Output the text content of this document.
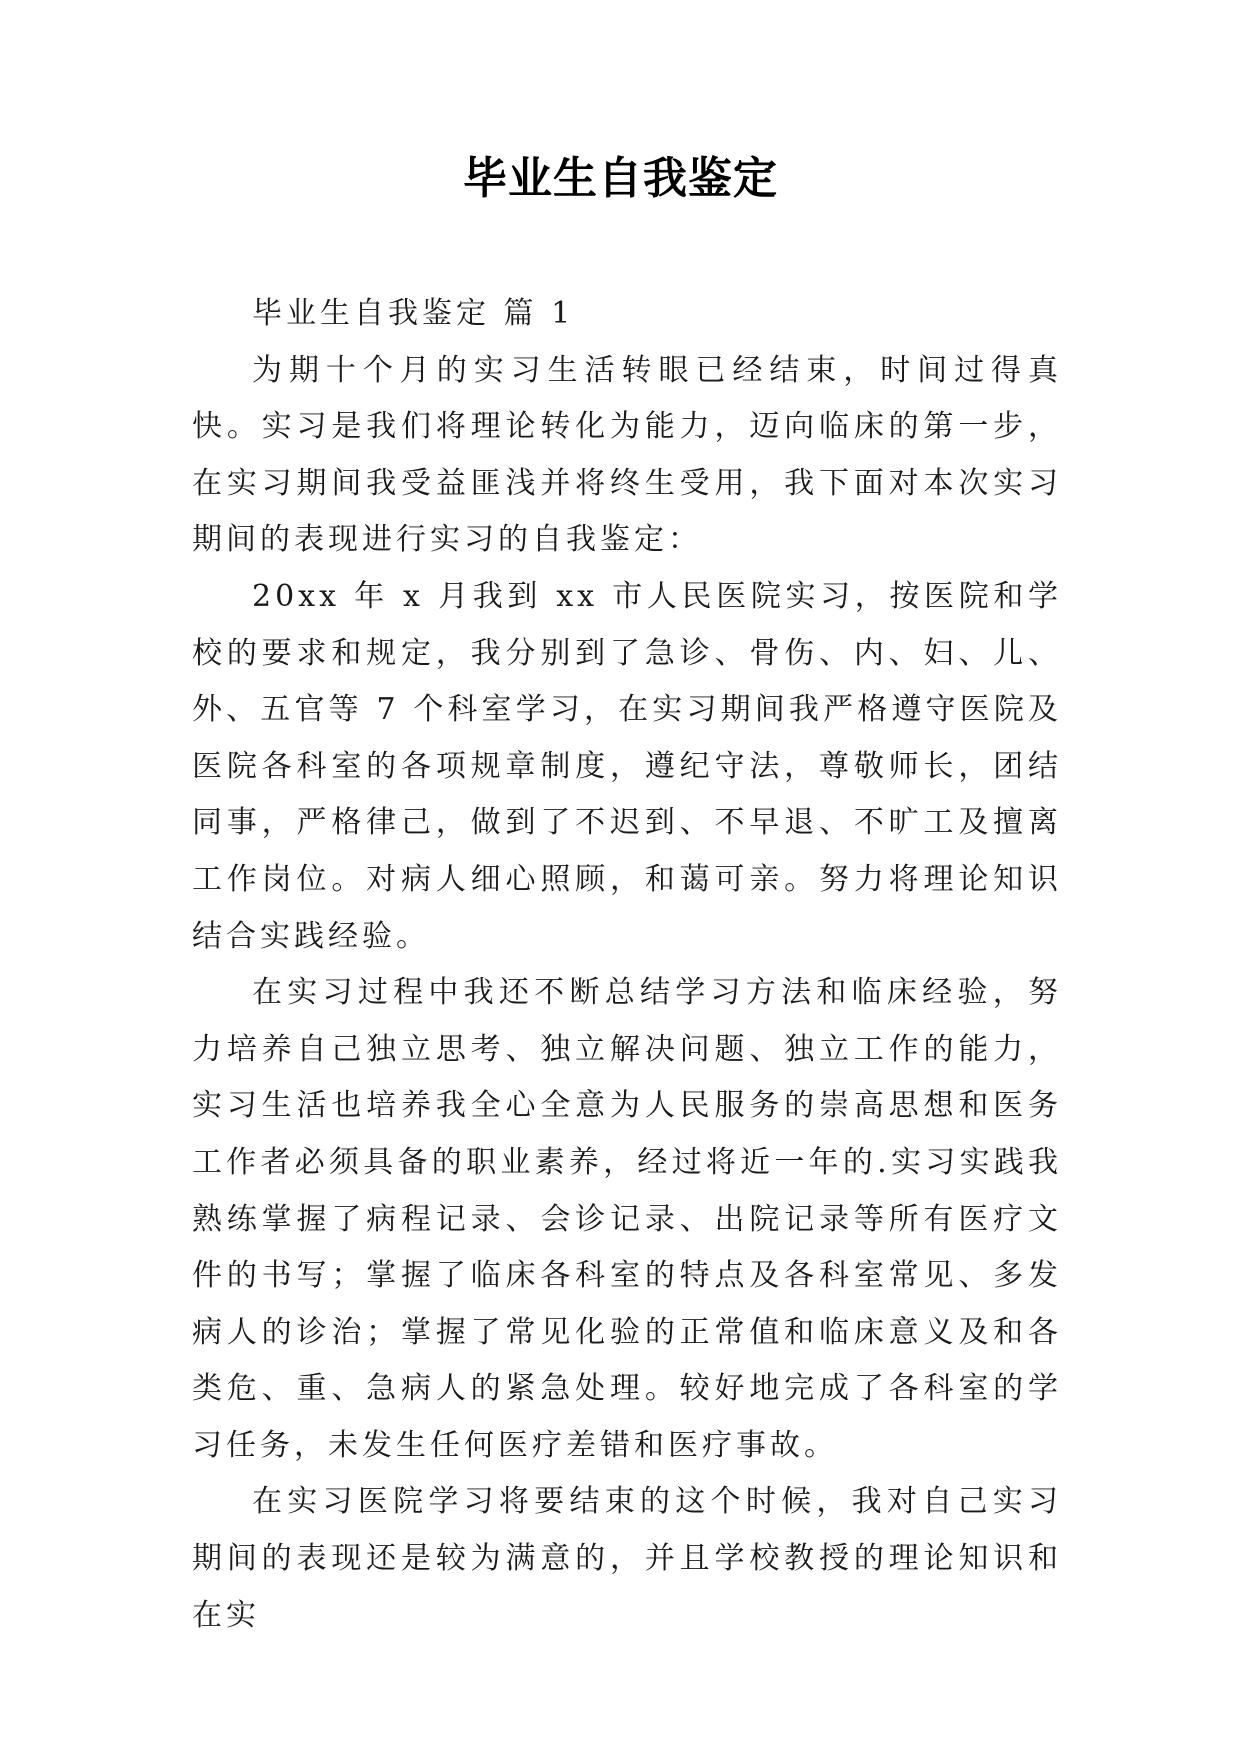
毕业生自我鉴定
毕业生自我鉴定 篇 1

为期十个月的实习生活转眼已经结束，时间过得真快。实习是我们将理论转化为能力，迈向临床的第一步，在实习期间我受益匪浅并将终生受用，我下面对本次实习期间的表现进行实习的自我鉴定：

20xx 年 x 月我到 xx 市人民医院实习，按医院和学校的要求和规定，我分别到了急诊、骨伤、内、妇、儿、外、五官等 7 个科室学习，在实习期间我严格遵守医院及医院各科室的各项规章制度，遵纪守法，尊敬师长，团结同事，严格律己，做到了不迟到、不早退、不旷工及擅离工作岗位。对病人细心照顾，和蔼可亲。努力将理论知识结合实践经验。

在实习过程中我还不断总结学习方法和临床经验，努力培养自己独立思考、独立解决问题、独立工作的能力，实习生活也培养我全心全意为人民服务的崇高思想和医务工作者必须具备的职业素养，经过将近一年的.实习实践我熟练掌握了病程记录、会诊记录、出院记录等所有医疗文件的书写；掌握了临床各科室的特点及各科室常见、多发病人的诊治；掌握了常见化验的正常值和临床意义及和各类危、重、急病人的紧急处理。较好地完成了各科室的学习任务，未发生任何医疗差错和医疗事故。

在实习医院学习将要结束的这个时候，我对自己实习期间的表现还是较为满意的，并且学校教授的理论知识和在实
